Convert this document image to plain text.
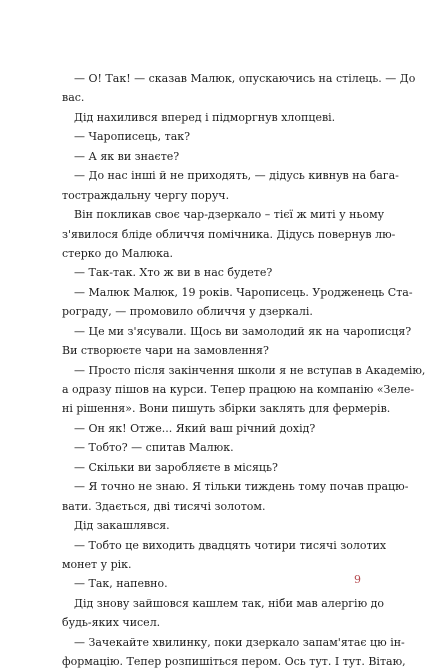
— О! Так! — сказав Малюк, опускаючись на стілець. — До
вас.
Дід нахилився вперед і підморгнув хлопцеві.
— Чарописець, так?
— А як ви знаєте?
— До нас інші й не приходять, — дідусь кивнув на бага-
тостраждальну чергу поруч.
Він покликав своє чар-дзеркало – тієї ж миті у ньому
з'явилося бліде обличчя помічника. Дідусь повернув лю-
стерко до Малюка.
— Так-так. Хто ж ви в нас будете?
— Малюк Малюк, 19 років. Чарописець. Уродженець Ста-
рограду, — промовило обличчя у дзеркалі.
— Це ми з'ясували. Щось ви замолодий як на чарописця?
Ви створюєте чари на замовлення?
— Просто після закінчення школи я не вступав в Академію,
а одразу пішов на курси. Тепер працюю на компанію «Зеле-
ні рішення». Вони пишуть збірки заклять для фермерів.
— Он як! Отже... Який ваш річний дохід?
— Тобто? — спитав Малюк.
— Скільки ви заробляєте в місяць?
— Я точно не знаю. Я тільки тиждень тому почав працю-
вати. Здається, дві тисячі золотом.
Дід закашлявся.
— Тобто це виходить двадцять чотири тисячі золотих
монет у рік.
— Так, напевно.
Дід знову зайшовся кашлем так, ніби мав алергію до
будь-яких чисел.
— Зачекайте хвилинку, поки дзеркало запам'ятає цю ін-
формацію. Тепер розпишіться пером. Ось тут. І тут. Вітаю,
9
